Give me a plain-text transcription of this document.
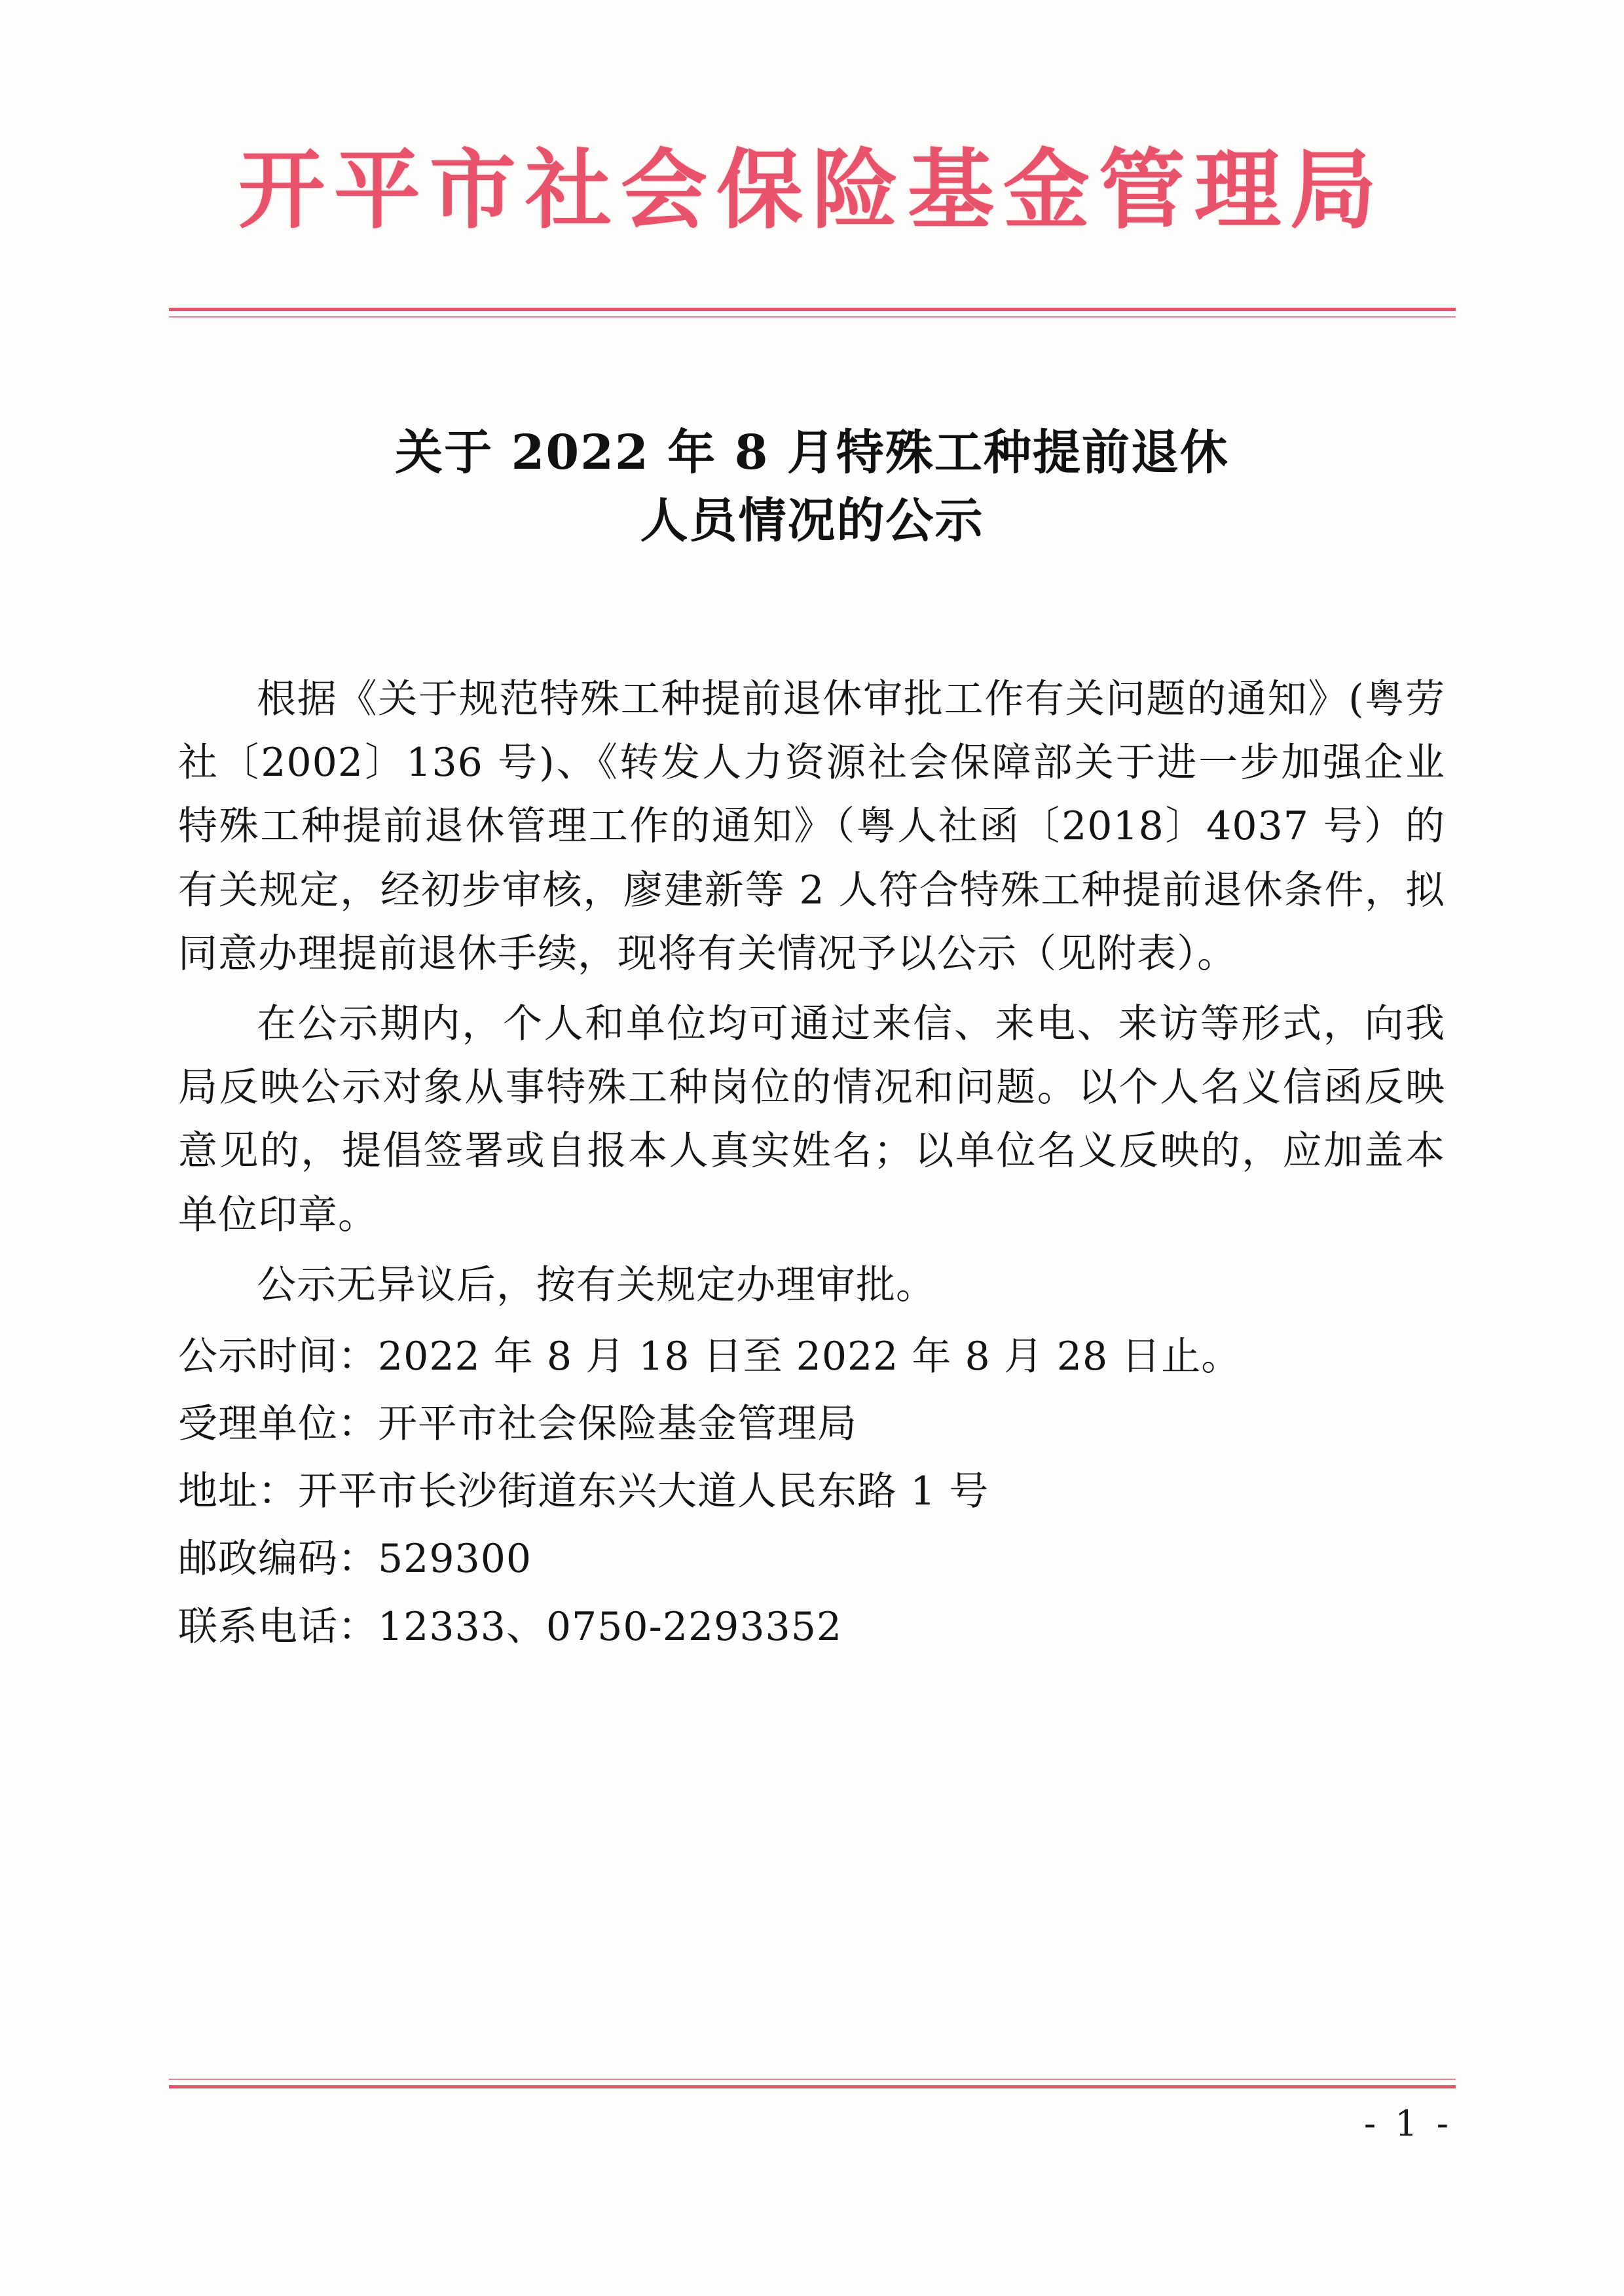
开平市社会保险基金管理局
关于 2022 年 8 月特殊工种提前退休
人员情况的公示

根据《关于规范特殊工种提前退休审批工作有关问题的通知》(粤劳社〔2002〕136 号)、《转发人力资源社会保障部关于进一步加强企业特殊工种提前退休管理工作的通知》（粤人社函〔2018〕4037 号）的有关规定，经初步审核，廖建新等 2 人符合特殊工种提前退休条件，拟同意办理提前退休手续，现将有关情况予以公示（见附表）。

在公示期内，个人和单位均可通过来信、来电、来访等形式，向我局反映公示对象从事特殊工种岗位的情况和问题。以个人名义信函反映意见的，提倡签署或自报本人真实姓名；以单位名义反映的，应加盖本单位印章。

公示无异议后，按有关规定办理审批。

公示时间：2022 年 8 月 18 日至 2022 年 8 月 28 日止。

受理单位：开平市社会保险基金管理局

地址：开平市长沙街道东兴大道人民东路 1 号

邮政编码：529300

联系电话：12333、0750-2293352

- 1 -
